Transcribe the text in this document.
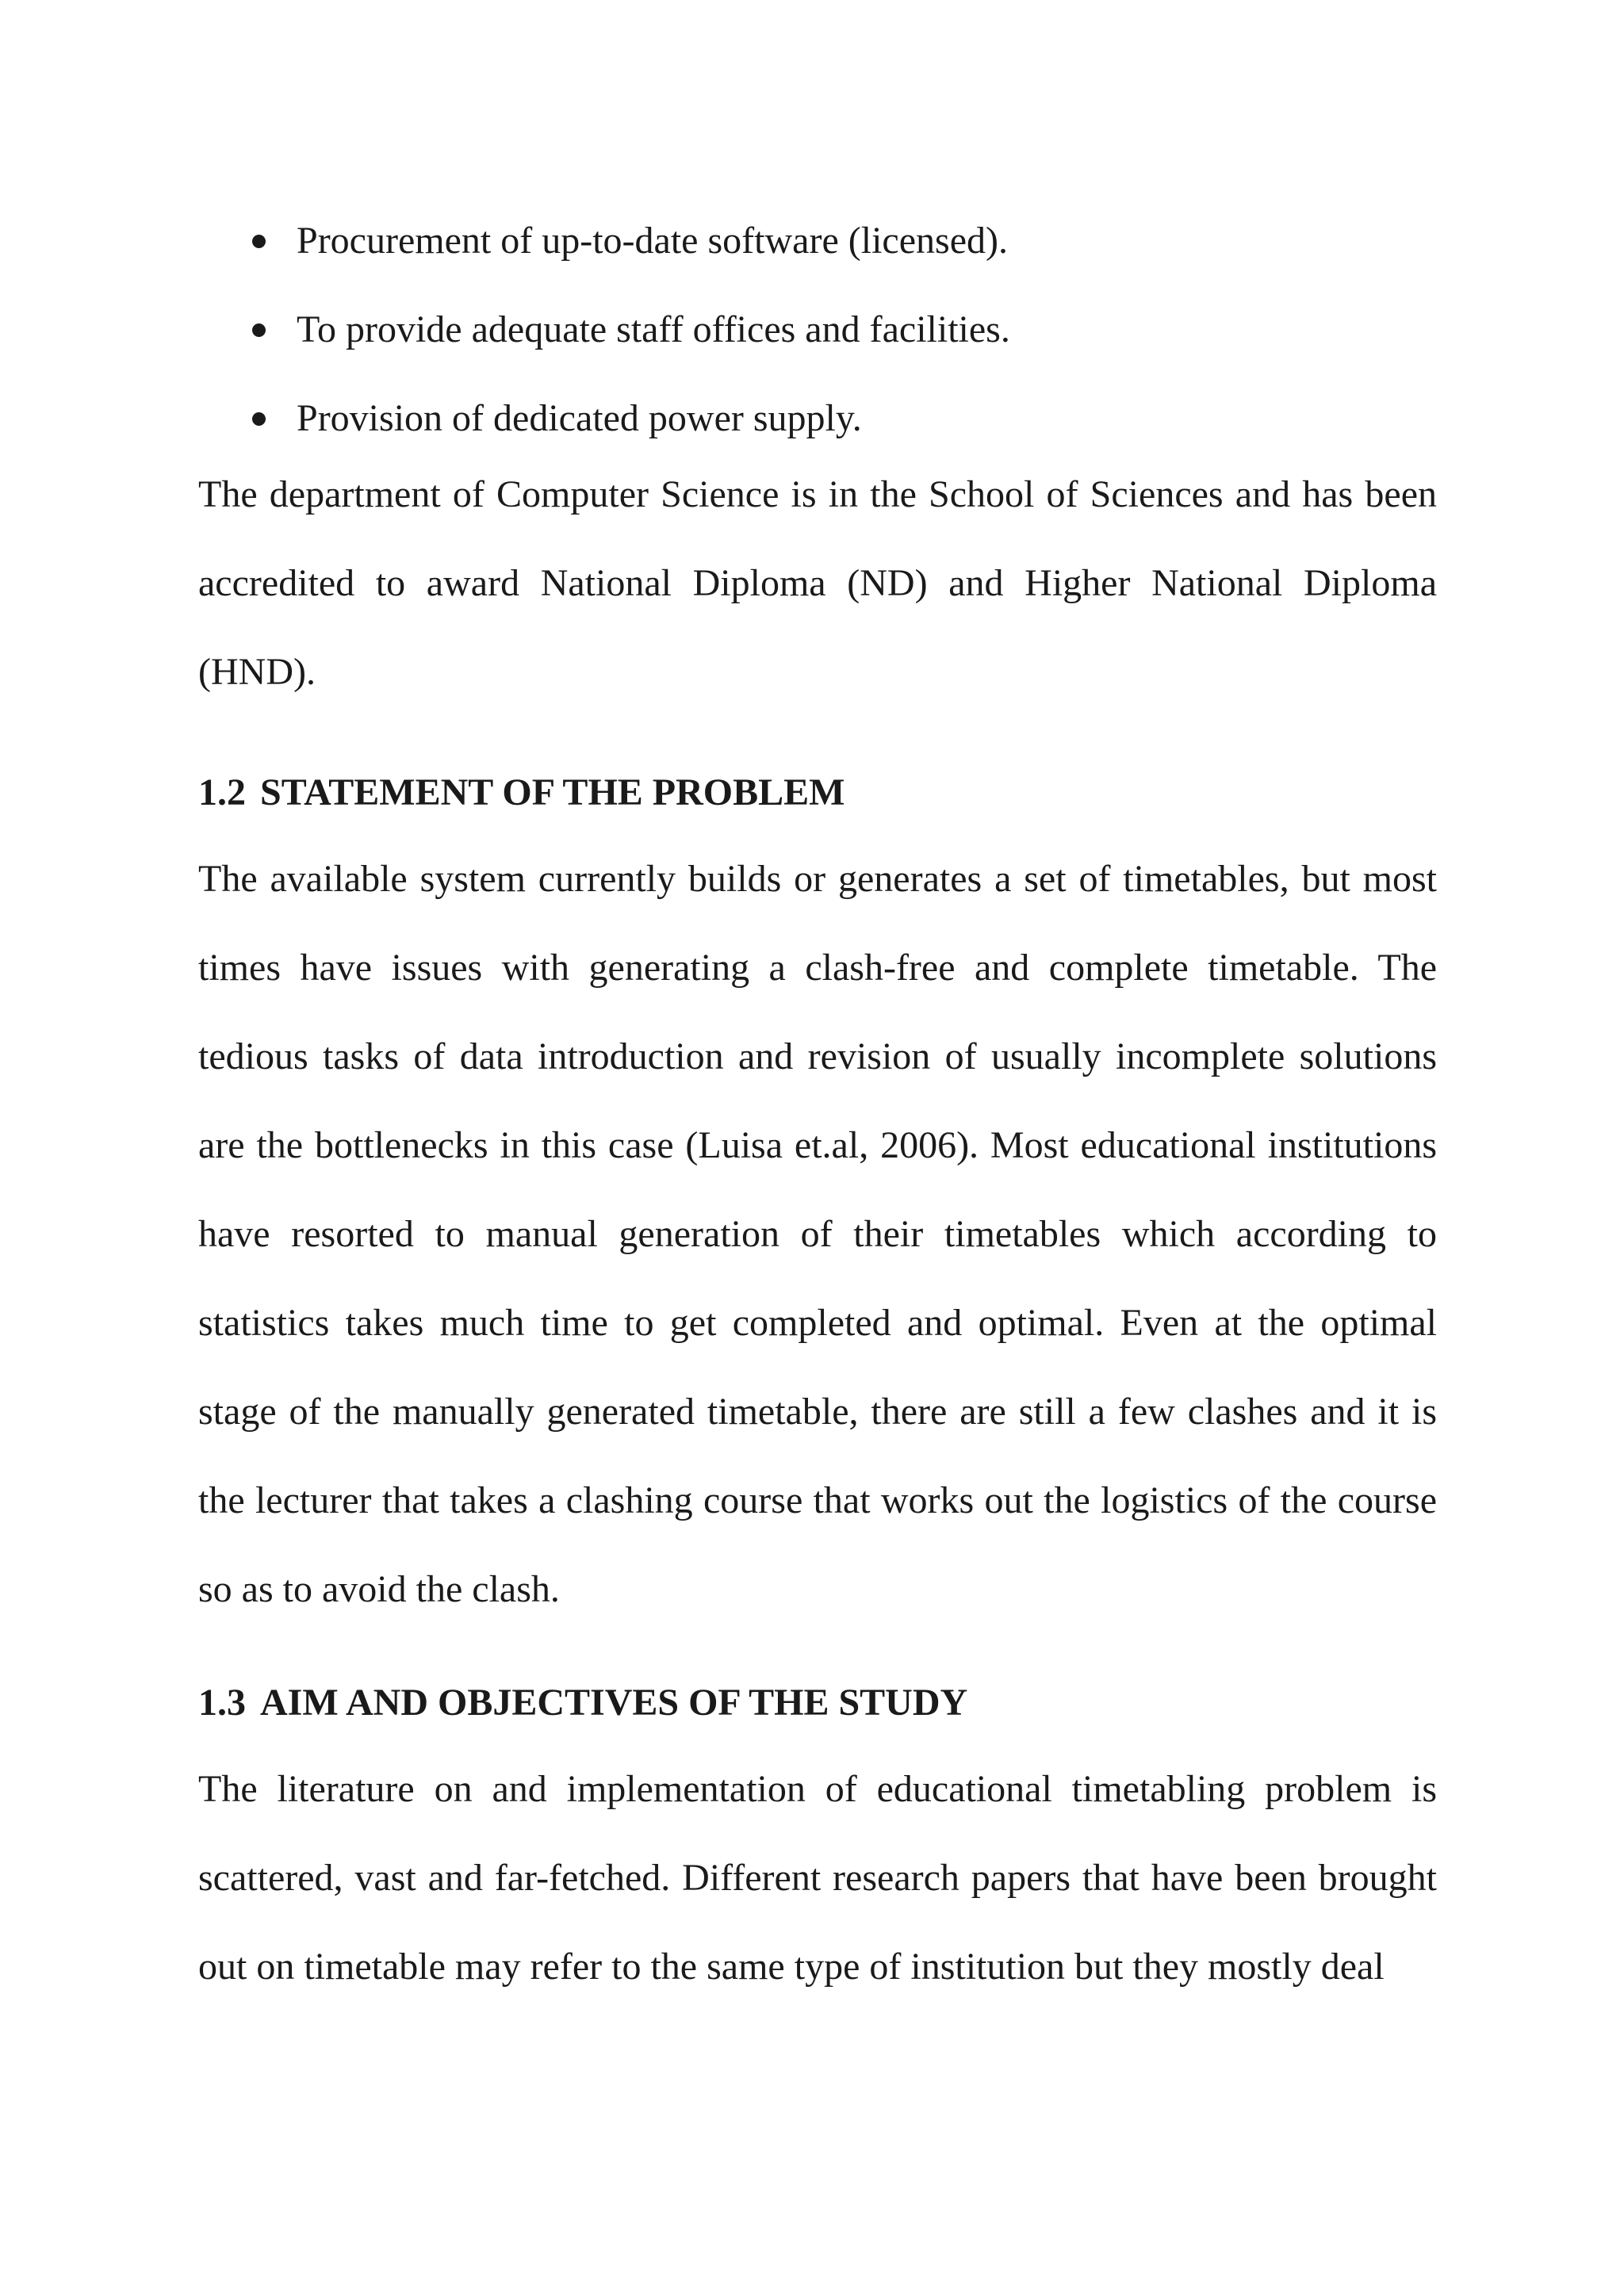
Procurement of up-to-date software (licensed).
To provide adequate staff offices and facilities.
Provision of dedicated power supply.

The department of Computer Science is in the School of Sciences and has been accredited to award National Diploma (ND) and Higher National Diploma (HND).

1.2 STATEMENT OF THE PROBLEM

The available system currently builds or generates a set of timetables, but most times have issues with generating a clash-free and complete timetable. The tedious tasks of data introduction and revision of usually incomplete solutions are the bottlenecks in this case (Luisa et.al, 2006). Most educational institutions have resorted to manual generation of their timetables which according to statistics takes much time to get completed and optimal. Even at the optimal stage of the manually generated timetable, there are still a few clashes and it is the lecturer that takes a clashing course that works out the logistics of the course so as to avoid the clash.

1.3 AIM AND OBJECTIVES OF THE STUDY

The literature on and implementation of educational timetabling problem is scattered, vast and far-fetched. Different research papers that have been brought out on timetable may refer to the same type of institution but they mostly deal
